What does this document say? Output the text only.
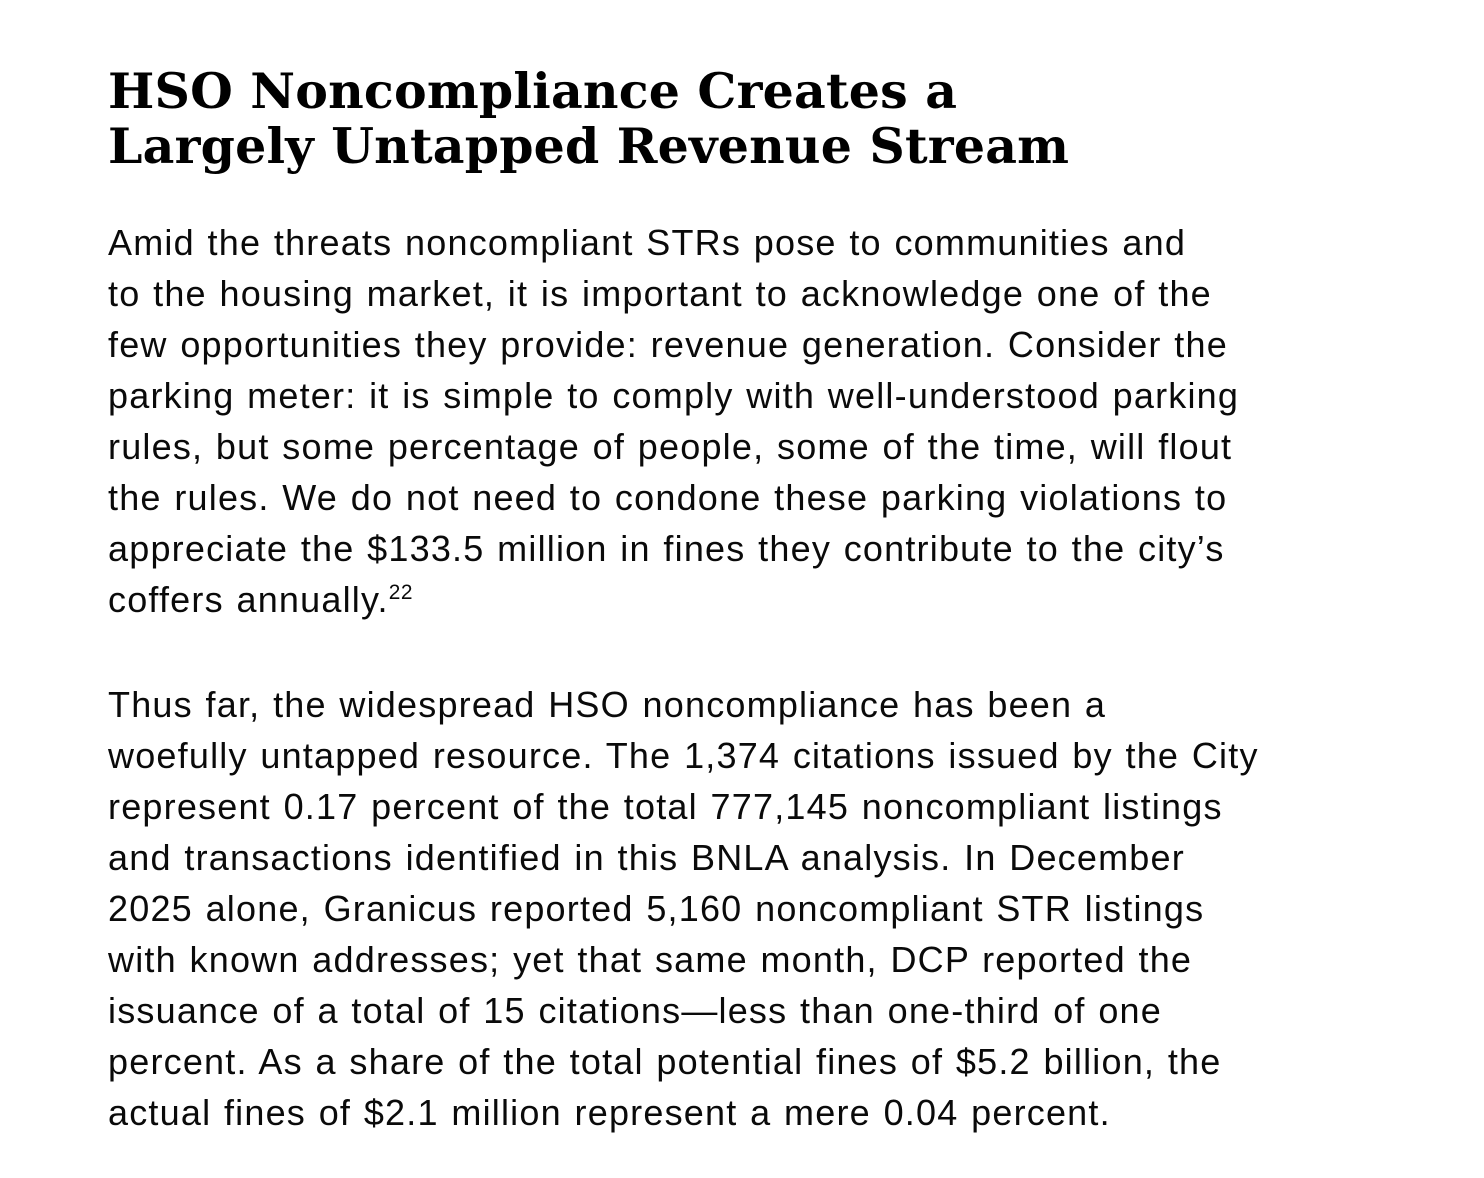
HSO Noncompliance Creates a
Largely Untapped Revenue Stream

Amid the threats noncompliant STRs pose to communities and
to the housing market, it is important to acknowledge one of the
few opportunities they provide: revenue generation. Consider the
parking meter: it is simple to comply with well-understood parking
rules, but some percentage of people, some of the time, will flout
the rules. We do not need to condone these parking violations to
appreciate the $133.5 million in fines they contribute to the city’s
coffers annually.$^{22}$

Thus far, the widespread HSO noncompliance has been a
woefully untapped resource. The 1,374 citations issued by the City
represent 0.17 percent of the total 777,145 noncompliant listings
and transactions identified in this BNLA analysis. In December
2025 alone, Granicus reported 5,160 noncompliant STR listings
with known addresses; yet that same month, DCP reported the
issuance of a total of 15 citations—less than one-third of one
percent. As a share of the total potential fines of $5.2 billion, the
actual fines of $2.1 million represent a mere 0.04 percent.
